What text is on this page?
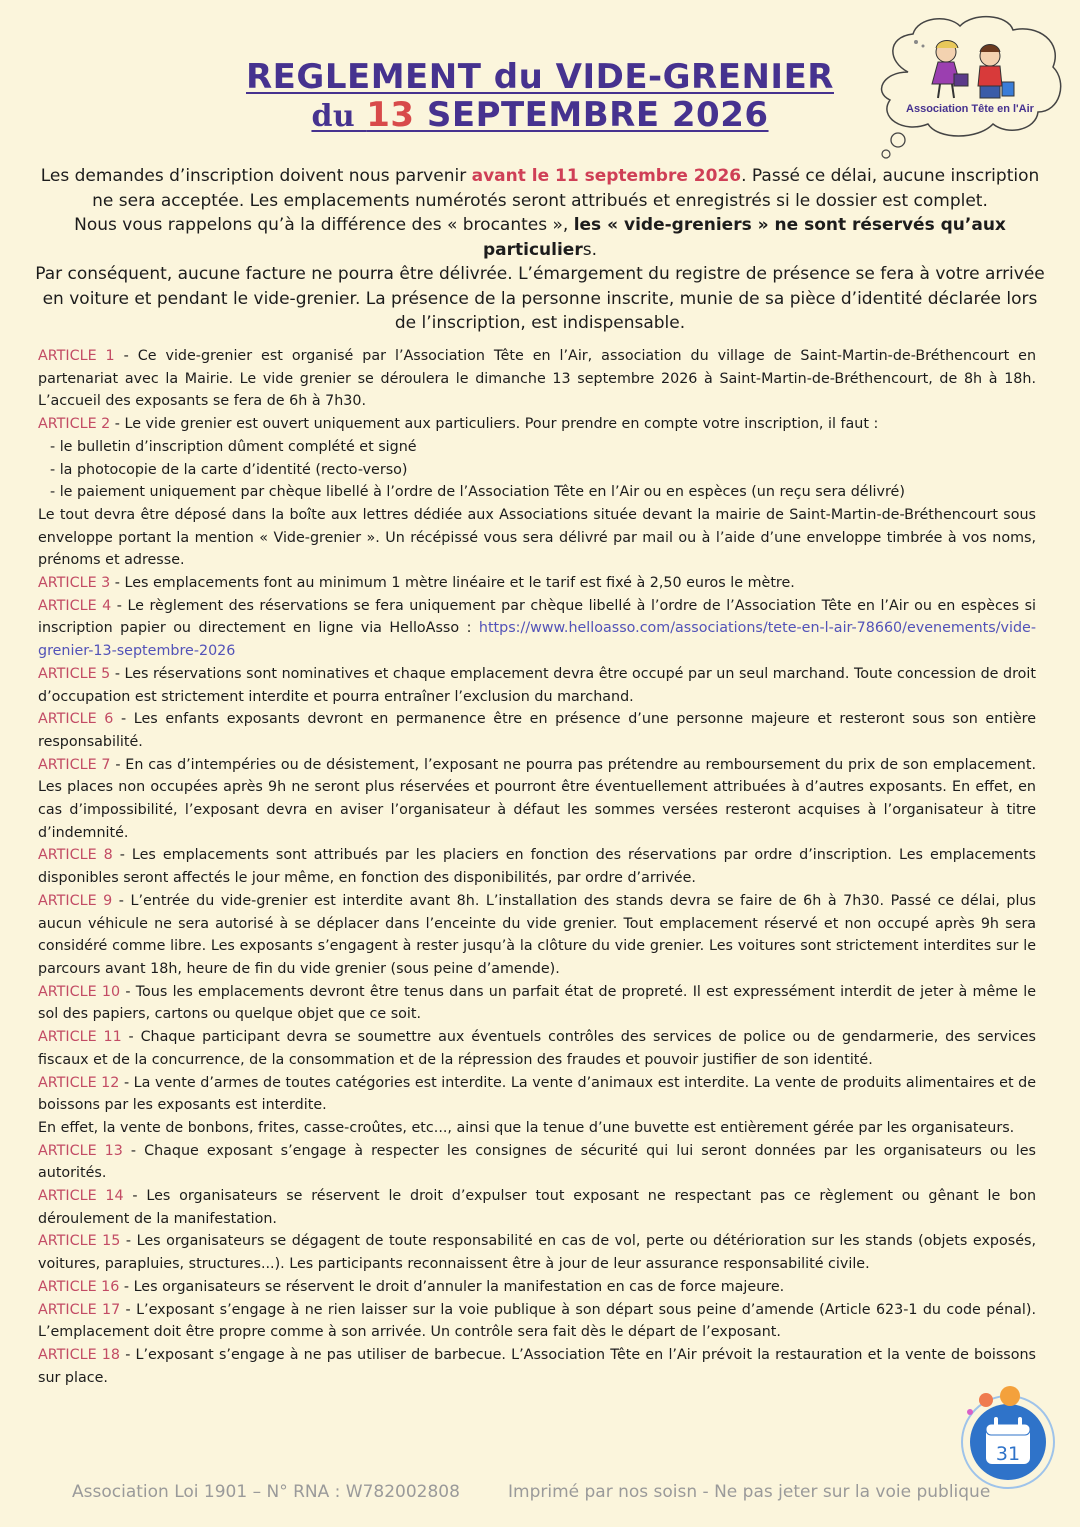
REGLEMENT du VIDE-GRENIER
du 13 SEPTEMBRE 2026	Association Tête en l'Air
Les demandes d’inscription doivent nous parvenir avant le 11 septembre 2026. Passé ce délai, aucune inscription ne sera acceptée. Les emplacements numérotés seront attribués et enregistrés si le dossier est complet.
Nous vous rappelons qu’à la différence des « brocantes », les « vide-greniers » ne sont réservés qu’aux particuliers.
Par conséquent, aucune facture ne pourra être délivrée. L’émargement du registre de présence se fera à votre arrivée en voiture et pendant le vide-grenier. La présence de la personne inscrite, munie de sa pièce d’identité déclarée lors de l’inscription, est indispensable.

ARTICLE 1 - Ce vide-grenier est organisé par l’Association Tête en l’Air, association du village de Saint-Martin-de-Bréthencourt en partenariat avec la Mairie. Le vide grenier se déroulera le dimanche 13 septembre 2026 à Saint-Martin-de-Bréthencourt, de 8h à 18h. L’accueil des exposants se fera de 6h à 7h30.

ARTICLE 2 - Le vide grenier est ouvert uniquement aux particuliers. Pour prendre en compte votre inscription, il faut :

- le bulletin d’inscription dûment complété et signé

- la photocopie de la carte d’identité (recto-verso)

- le paiement uniquement par chèque libellé à l’ordre de l’Association Tête en l’Air ou en espèces (un reçu sera délivré)

Le tout devra être déposé dans la boîte aux lettres dédiée aux Associations située devant la mairie de Saint-Martin-de-Bréthencourt sous enveloppe portant la mention « Vide-grenier ». Un récépissé vous sera délivré par mail ou à l’aide d’une enveloppe timbrée à vos noms, prénoms et adresse.

ARTICLE 3 - Les emplacements font au minimum 1 mètre linéaire et le tarif est fixé à 2,50 euros le mètre.

ARTICLE 4 - Le règlement des réservations se fera uniquement par chèque libellé à l’ordre de l’Association Tête en l’Air ou en espèces si inscription papier ou directement en ligne via HelloAsso : https://www.helloasso.com/associations/tete-en-l-air-78660/evenements/vide-grenier-13-septembre-2026

ARTICLE 5 - Les réservations sont nominatives et chaque emplacement devra être occupé par un seul marchand. Toute concession de droit d’occupation est strictement interdite et pourra entraîner l’exclusion du marchand.

ARTICLE 6 - Les enfants exposants devront en permanence être en présence d’une personne majeure et resteront sous son entière responsabilité.

ARTICLE 7 - En cas d’intempéries ou de désistement, l’exposant ne pourra pas prétendre au remboursement du prix de son emplacement. Les places non occupées après 9h ne seront plus réservées et pourront être éventuellement attribuées à d’autres exposants. En effet, en cas d’impossibilité, l’exposant devra en aviser l’organisateur à défaut les sommes versées resteront acquises à l’organisateur à titre d’indemnité.

ARTICLE 8 - Les emplacements sont attribués par les placiers en fonction des réservations par ordre d’inscription. Les emplacements disponibles seront affectés le jour même, en fonction des disponibilités, par ordre d’arrivée.

ARTICLE 9 - L’entrée du vide-grenier est interdite avant 8h. L’installation des stands devra se faire de 6h à 7h30. Passé ce délai, plus aucun véhicule ne sera autorisé à se déplacer dans l’enceinte du vide grenier. Tout emplacement réservé et non occupé après 9h sera considéré comme libre. Les exposants s’engagent à rester jusqu’à la clôture du vide grenier. Les voitures sont strictement interdites sur le parcours avant 18h, heure de fin du vide grenier (sous peine d’amende).

ARTICLE 10 - Tous les emplacements devront être tenus dans un parfait état de propreté. Il est expressément interdit de jeter à même le sol des papiers, cartons ou quelque objet que ce soit.

ARTICLE 11 - Chaque participant devra se soumettre aux éventuels contrôles des services de police ou de gendarmerie, des services fiscaux et de la concurrence, de la consommation et de la répression des fraudes et pouvoir justifier de son identité.

ARTICLE 12 - La vente d’armes de toutes catégories est interdite. La vente d’animaux est interdite. La vente de produits alimentaires et de boissons par les exposants est interdite.

En effet, la vente de bonbons, frites, casse-croûtes, etc..., ainsi que la tenue d’une buvette est entièrement gérée par les organisateurs.

ARTICLE 13 - Chaque exposant s’engage à respecter les consignes de sécurité qui lui seront données par les organisateurs ou les autorités.

ARTICLE 14 - Les organisateurs se réservent le droit d’expulser tout exposant ne respectant pas ce règlement ou gênant le bon déroulement de la manifestation.

ARTICLE 15 - Les organisateurs se dégagent de toute responsabilité en cas de vol, perte ou détérioration sur les stands (objets exposés, voitures, parapluies, structures...). Les participants reconnaissent être à jour de leur assurance responsabilité civile.

ARTICLE 16 - Les organisateurs se réservent le droit d’annuler la manifestation en cas de force majeure.

ARTICLE 17 - L’exposant s’engage à ne rien laisser sur la voie publique à son départ sous peine d’amende (Article 623-1 du code pénal). L’emplacement doit être propre comme à son arrivée. Un contrôle sera fait dès le départ de l’exposant.

ARTICLE 18 - L’exposant s’engage à ne pas utiliser de barbecue. L’Association Tête en l’Air prévoit la restauration et la vente de boissons sur place.

31
Association Loi 1901 – N° RNA : W782002808	Imprimé par nos soisn - Ne pas jeter sur la voie publique
